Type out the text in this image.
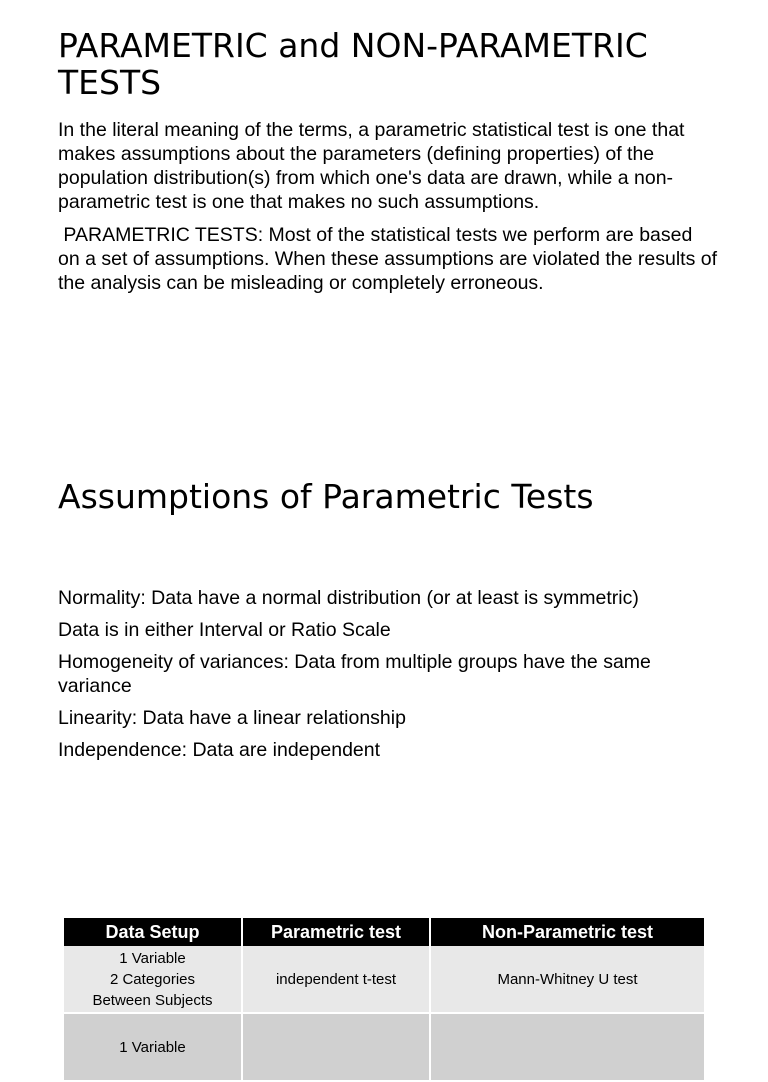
PARAMETRIC and NON-PARAMETRIC TESTS

In the literal meaning of the terms, a parametric statistical test is one that makes assumptions about the parameters (defining properties) of the population distribution(s) from which one's data are drawn, while a non-parametric test is one that makes no such assumptions.

PARAMETRIC TESTS: Most of the statistical tests we perform are based on a set of assumptions. When these assumptions are violated the results of the analysis can be misleading or completely erroneous.

Assumptions of Parametric Tests
Normality: Data have a normal distribution (or at least is symmetric)
Data is in either Interval or Ratio Scale
Homogeneity of variances: Data from multiple groups have the same variance
Linearity: Data have a linear relationship
Independence: Data are independent
Data Setup	Parametric test	Non-Parametric test

1 Variable
2 Categories
Between Subjects	independent t-test	Mann-Whitney U test

1 Variable		
